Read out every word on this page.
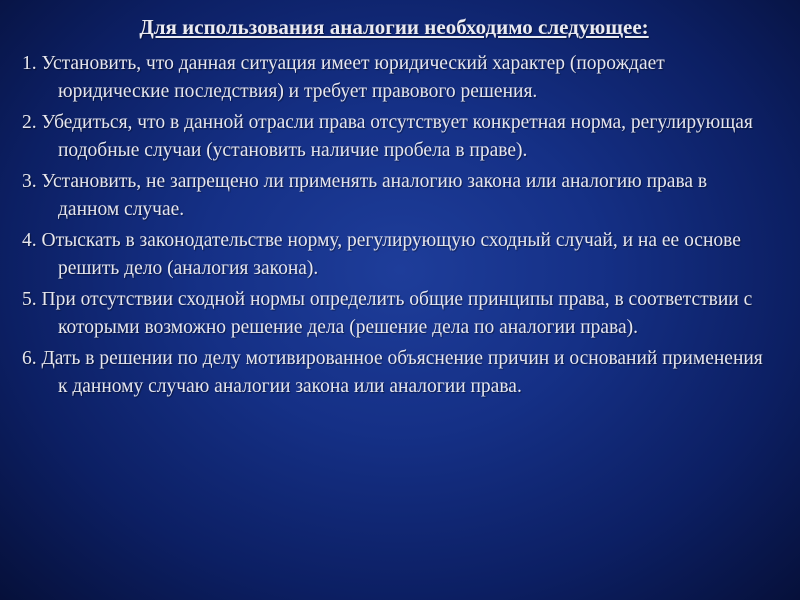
Для использования аналогии необходимо следующее:
1. Установить, что данная ситуация имеет юридический характер (порождает юридические последствия) и требует правового решения.
2. Убедиться, что в данной отрасли права отсутствует конкретная норма, регулирующая подобные случаи (установить наличие пробела в праве).
3. Установить, не запрещено ли применять аналогию закона или аналогию права в данном случае.
4. Отыскать в законодательстве норму, регулирующую сходный случай, и на ее основе решить дело (аналогия закона).
5. При отсутствии сходной нормы определить общие принципы права, в соответствии с которыми возможно решение дела (решение дела по аналогии права).
6. Дать в решении по делу мотивированное объяснение причин и оснований применения к данному случаю аналогии закона или аналогии права.
